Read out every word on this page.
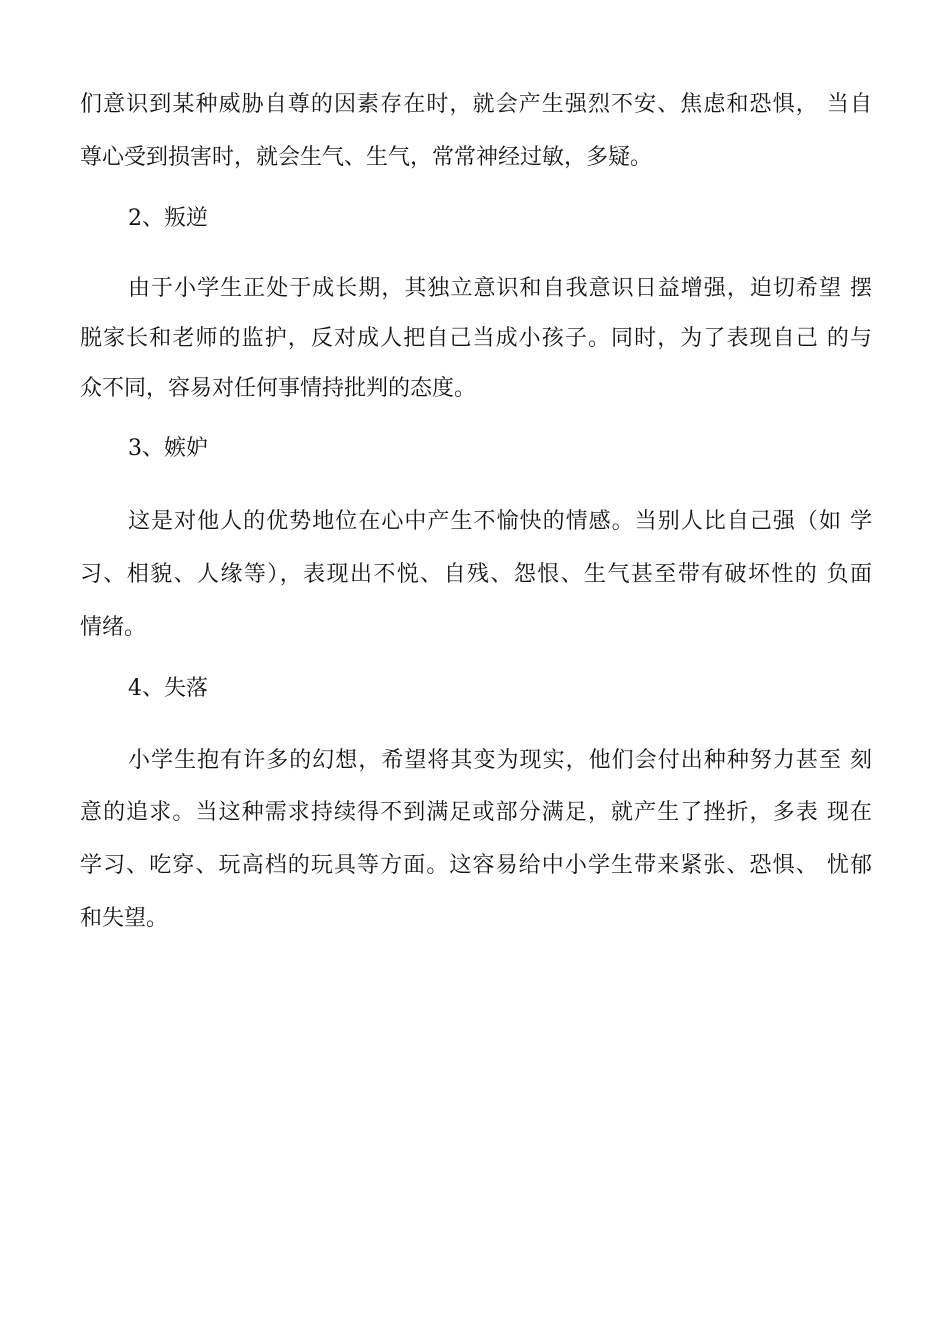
们意识到某种威胁自尊的因素存在时，就会产生强烈不安、焦虑和恐惧， 当自
尊心受到损害时，就会生气、生气，常常神经过敏，多疑。
2、叛逆
由于小学生正处于成长期，其独立意识和自我意识日益增强，迫切希望 摆
脱家长和老师的监护，反对成人把自己当成小孩子。同时，为了表现自己 的与
众不同，容易对任何事情持批判的态度。
3、嫉妒
这是对他人的优势地位在心中产生不愉快的情感。当别人比自己强（如 学
习、相貌、人缘等），表现出不悦、自残、怨恨、生气甚至带有破坏性的 负面
情绪。
4、失落
小学生抱有许多的幻想，希望将其变为现实，他们会付出种种努力甚至 刻
意的追求。当这种需求持续得不到满足或部分满足，就产生了挫折，多表 现在
学习、吃穿、玩高档的玩具等方面。这容易给中小学生带来紧张、恐惧、 忧郁
和失望。
